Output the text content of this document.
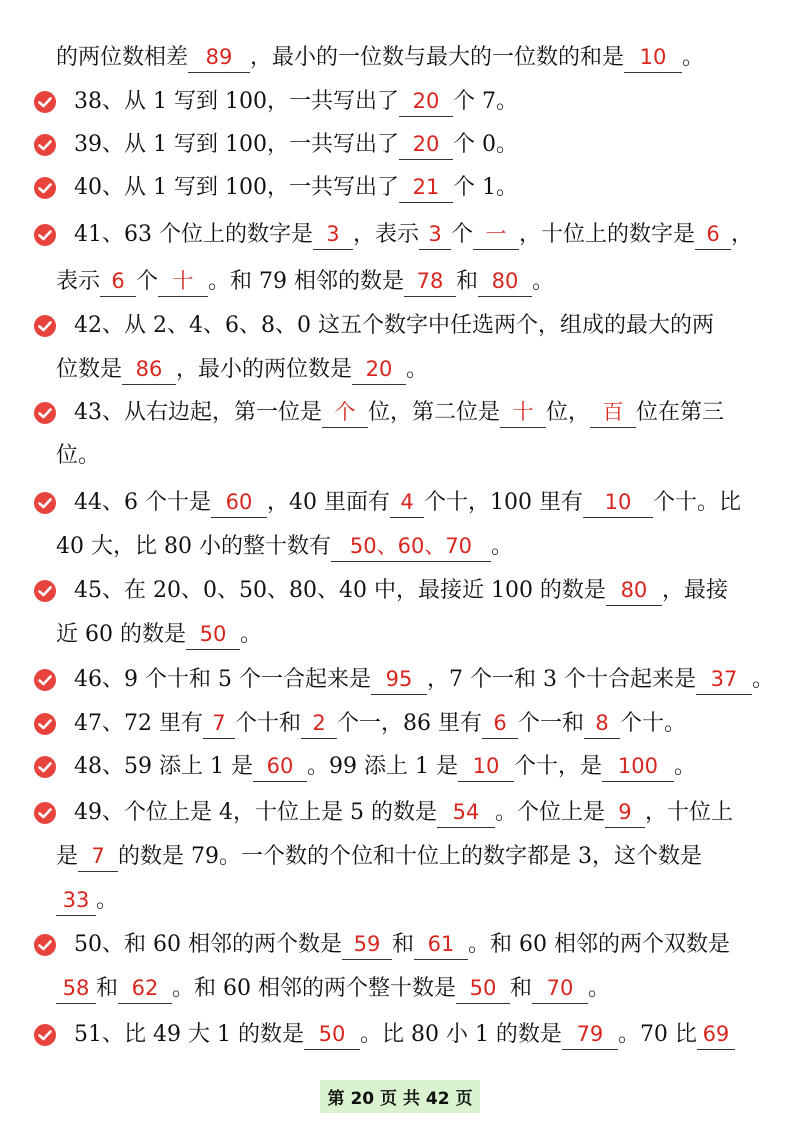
的两位数相差 89 ，最小的一位数与最大的一位数的和是 10 。
38、从 1 写到 100，一共写出了 20 个 7。
39、从 1 写到 100，一共写出了 20 个 0。
40、从 1 写到 100，一共写出了 21 个 1。
41、63 个位上的数字是 3 ，表示 3 个 一 ，十位上的数字是 6 ，
表示 6 个 十 。和 79 相邻的数是 78 和 80 。
42、从 2、4、6、8、0 这五个数字中任选两个，组成的最大的两
位数是 86 ，最小的两位数是 20 。
43、从右边起，第一位是 个 位，第二位是 十 位， 百 位在第三
位。
44、6 个十是 60 ，40 里面有 4 个十，100 里有 10 个十。比
40 大，比 80 小的整十数有 50、60、70 。
45、在 20、0、50、80、40 中，最接近 100 的数是 80 ，最接
近 60 的数是 50 。
46、9 个十和 5 个一合起来是 95 ，7 个一和 3 个十合起来是 37 。
47、72 里有 7 个十和 2 个一，86 里有 6 个一和 8 个十。
48、59 添上 1 是 60 。99 添上 1 是 10 个十，是 100 。
49、个位上是 4，十位上是 5 的数是 54 。个位上是 9 ，十位上
是 7 的数是 79。一个数的个位和十位上的数字都是 3，这个数是
33 。
50、和 60 相邻的两个数是 59 和 61 。和 60 相邻的两个双数是
58 和 62 。和 60 相邻的两个整十数是 50 和 70 。
51、比 49 大 1 的数是 50 。比 80 小 1 的数是 79 。70 比 69
第 20 页 共 42 页
